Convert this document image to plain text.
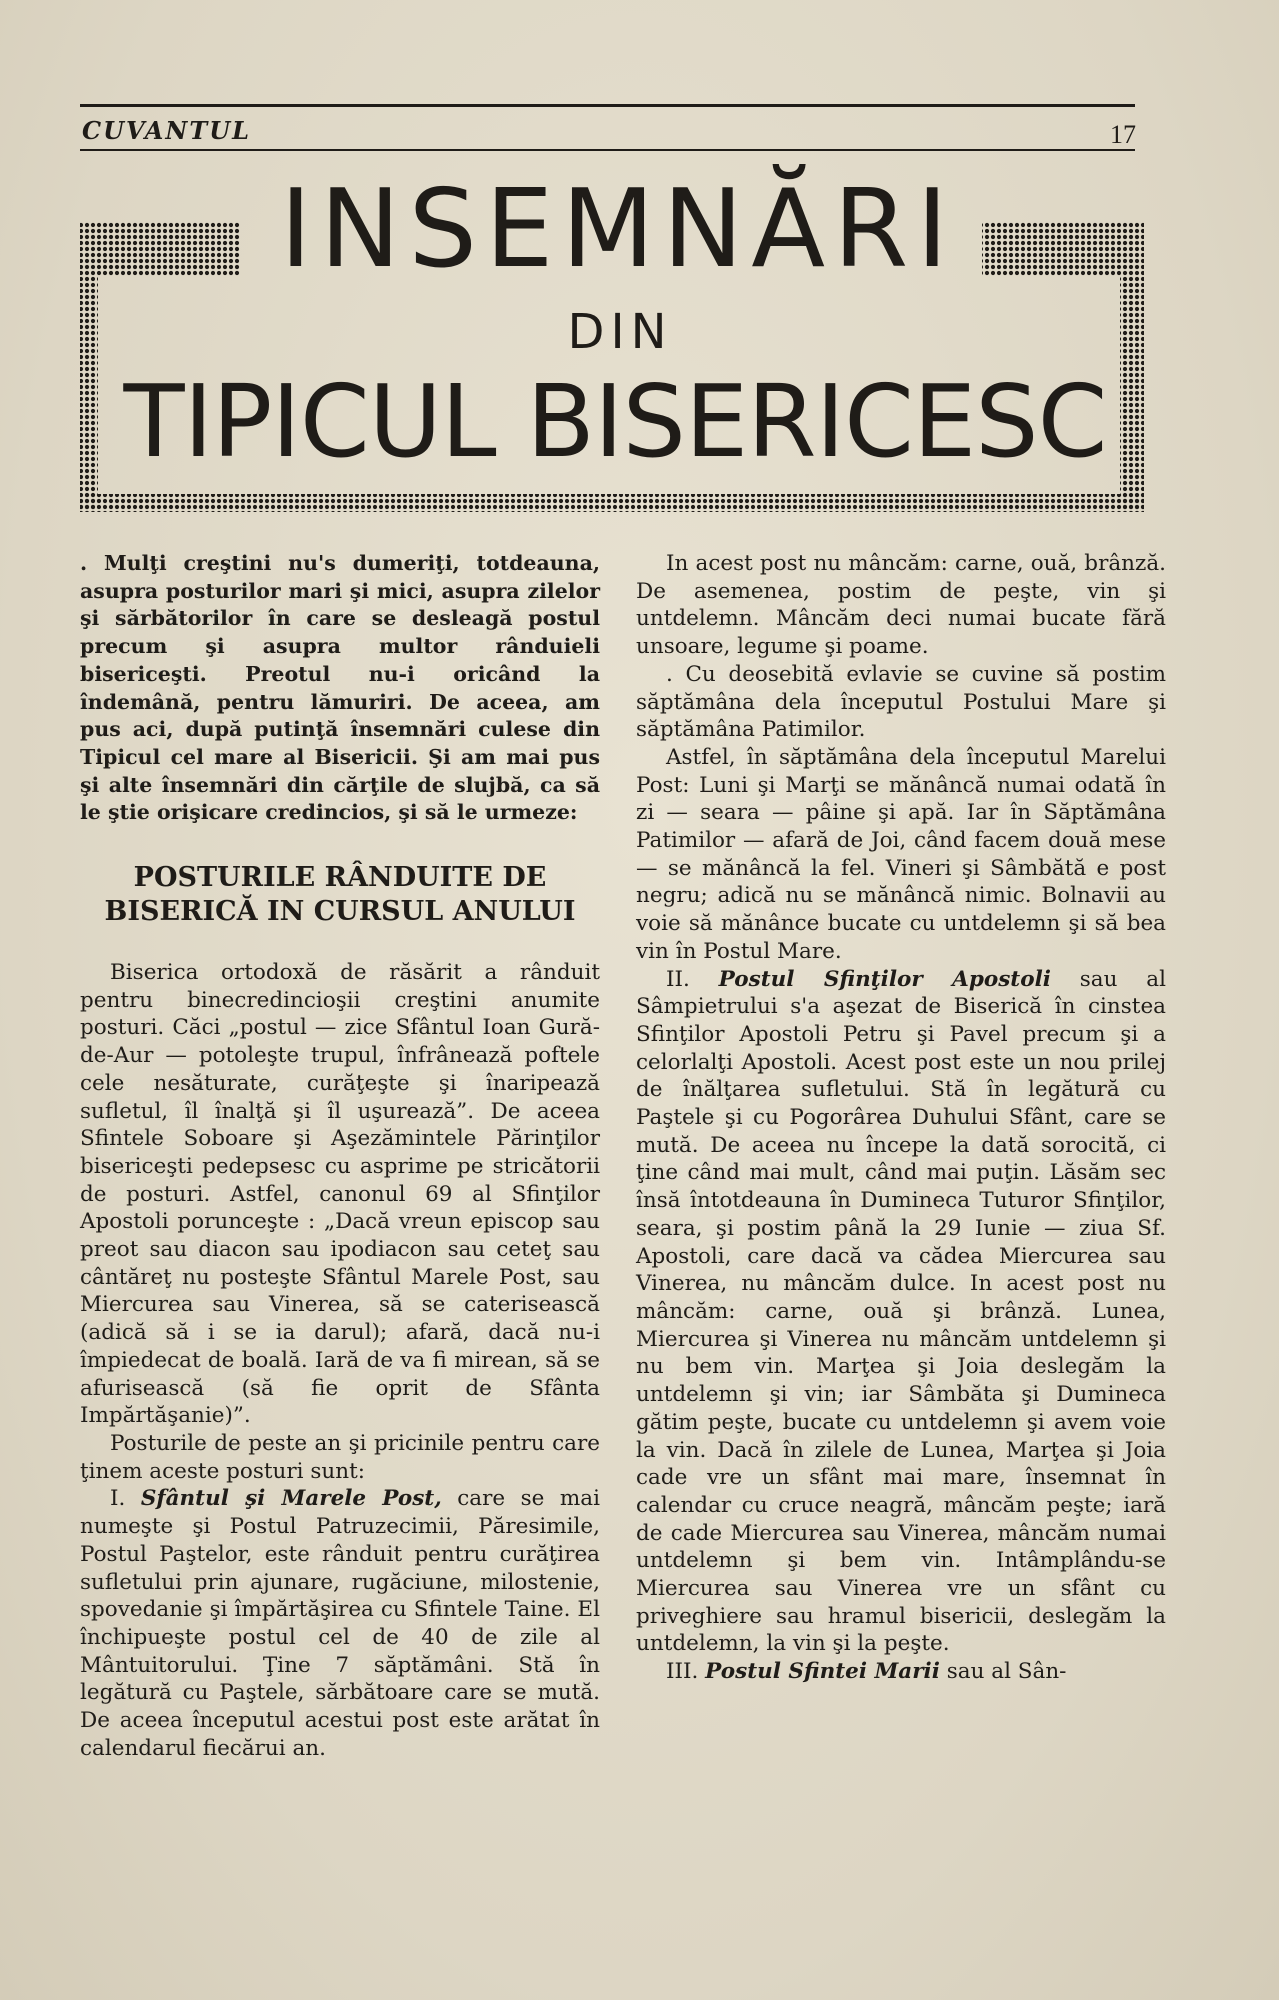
CUVANTUL	17
INSEMNĂRI
DIN
TIPICUL BISERICESC

. Mulţi creştini nu's dumeriţi, totdeauna, asupra posturilor mari şi mici, asupra zilelor şi sărbătorilor în care se desleagă postul precum şi asupra multor rânduieli bisericeşti. Preotul nu-i oricând la îndemână, pentru lămuriri. De aceea, am pus aci, după putinţă însemnări culese din Tipicul cel mare al Bisericii. Şi am mai pus şi alte însemnări din cărţile de slujbă, ca să le ştie orişicare credincios, şi să le urmeze:

POSTURILE RÂNDUITE DE BISERICĂ IN CURSUL ANULUI

Biserica ortodoxă de răsărit a rânduit pentru binecredincioşii creştini anumite posturi. Căci „postul — zice Sfântul Ioan Gură-de-Aur — potoleşte trupul, înfrânează poftele cele nesăturate, curăţeşte şi înaripează sufletul, îl înalţă şi îl uşurează”. De aceea Sfintele Soboare şi Aşezămintele Părinţilor bisericeşti pedepsesc cu asprime pe stricătorii de posturi. Astfel, canonul 69 al Sfinţilor Apostoli porunceşte : „Dacă vreun episcop sau preot sau diacon sau ipodiacon sau ceteţ sau cântăreţ nu posteşte Sfântul Marele Post, sau Miercurea sau Vinerea, să se caterisească (adică să i se ia darul); afară, dacă nu-i împiedecat de boală. Iară de va fi mirean, să se afurisească (să fie oprit de Sfânta Impărtăşanie)”.

Posturile de peste an şi pricinile pentru care ţinem aceste posturi sunt:

I. Sfântul şi Marele Post, care se mai numeşte şi Postul Patruzecimii, Păresimile, Postul Paştelor, este rânduit pentru curăţirea sufletului prin ajunare, rugăciune, milostenie, spovedanie şi împărtăşirea cu Sfintele Taine. El închipueşte postul cel de 40 de zile al Mântuitorului. Ţine 7 săptămâni. Stă în legătură cu Paştele, sărbătoare care se mută. De aceea începutul acestui post este arătat în calendarul fiecărui an.

In acest post nu mâncăm: carne, ouă, brânză. De asemenea, postim de peşte, vin şi untdelemn. Mâncăm deci numai bucate fără unsoare, legume şi poame.

. Cu deosebită evlavie se cuvine să postim săptămâna dela începutul Postului Mare şi săptămâna Patimilor.

Astfel, în săptămâna dela începutul Marelui Post: Luni şi Marţi se mănâncă numai odată în zi — seara — pâine şi apă. Iar în Săptămâna Patimilor — afară de Joi, când facem două mese — se mănâncă la fel. Vineri şi Sâmbătă e post negru; adică nu se mănâncă nimic. Bolnavii au voie să mănânce bucate cu untdelemn şi să bea vin în Postul Mare.

II. Postul Sfinţilor Apostoli sau al Sâmpietrului s'a aşezat de Biserică în cinstea Sfinţilor Apostoli Petru şi Pavel precum şi a celorlalţi Apostoli. Acest post este un nou prilej de înălţarea sufletului. Stă în legătură cu Paştele şi cu Pogorârea Duhului Sfânt, care se mută. De aceea nu începe la dată sorocită, ci ţine când mai mult, când mai puţin. Lăsăm sec însă întotdeauna în Duminecа Tuturor Sfinţilor, seara, şi postim până la 29 Iunie — ziua Sf. Apostoli, care dacă va cădea Miercurea sau Vinerea, nu mâncăm dulce. In acest post nu mâncăm: carne, ouă şi brânză. Lunea, Miercurea şi Vinerea nu mâncăm untdelemn şi nu bem vin. Marţea şi Joia deslegăm la untdelemn şi vin; iar Sâmbăta şi Dumineca gătim peşte, bucate cu untdelemn şi avem voie la vin. Dacă în zilele de Lunea, Marţea şi Joia cade vre un sfânt mai mare, însemnat în calendar cu cruce neagră, mâncăm peşte; iară de cade Miercurea sau Vinerea, mâncăm numai untdelemn şi bem vin. Intâmplându-se Miercurea sau Vinerea vre un sfânt cu priveghiere sau hramul bisericii, deslegăm la untdelemn, la vin şi la peşte.

III. Postul Sfintei Marii sau al Sân-
